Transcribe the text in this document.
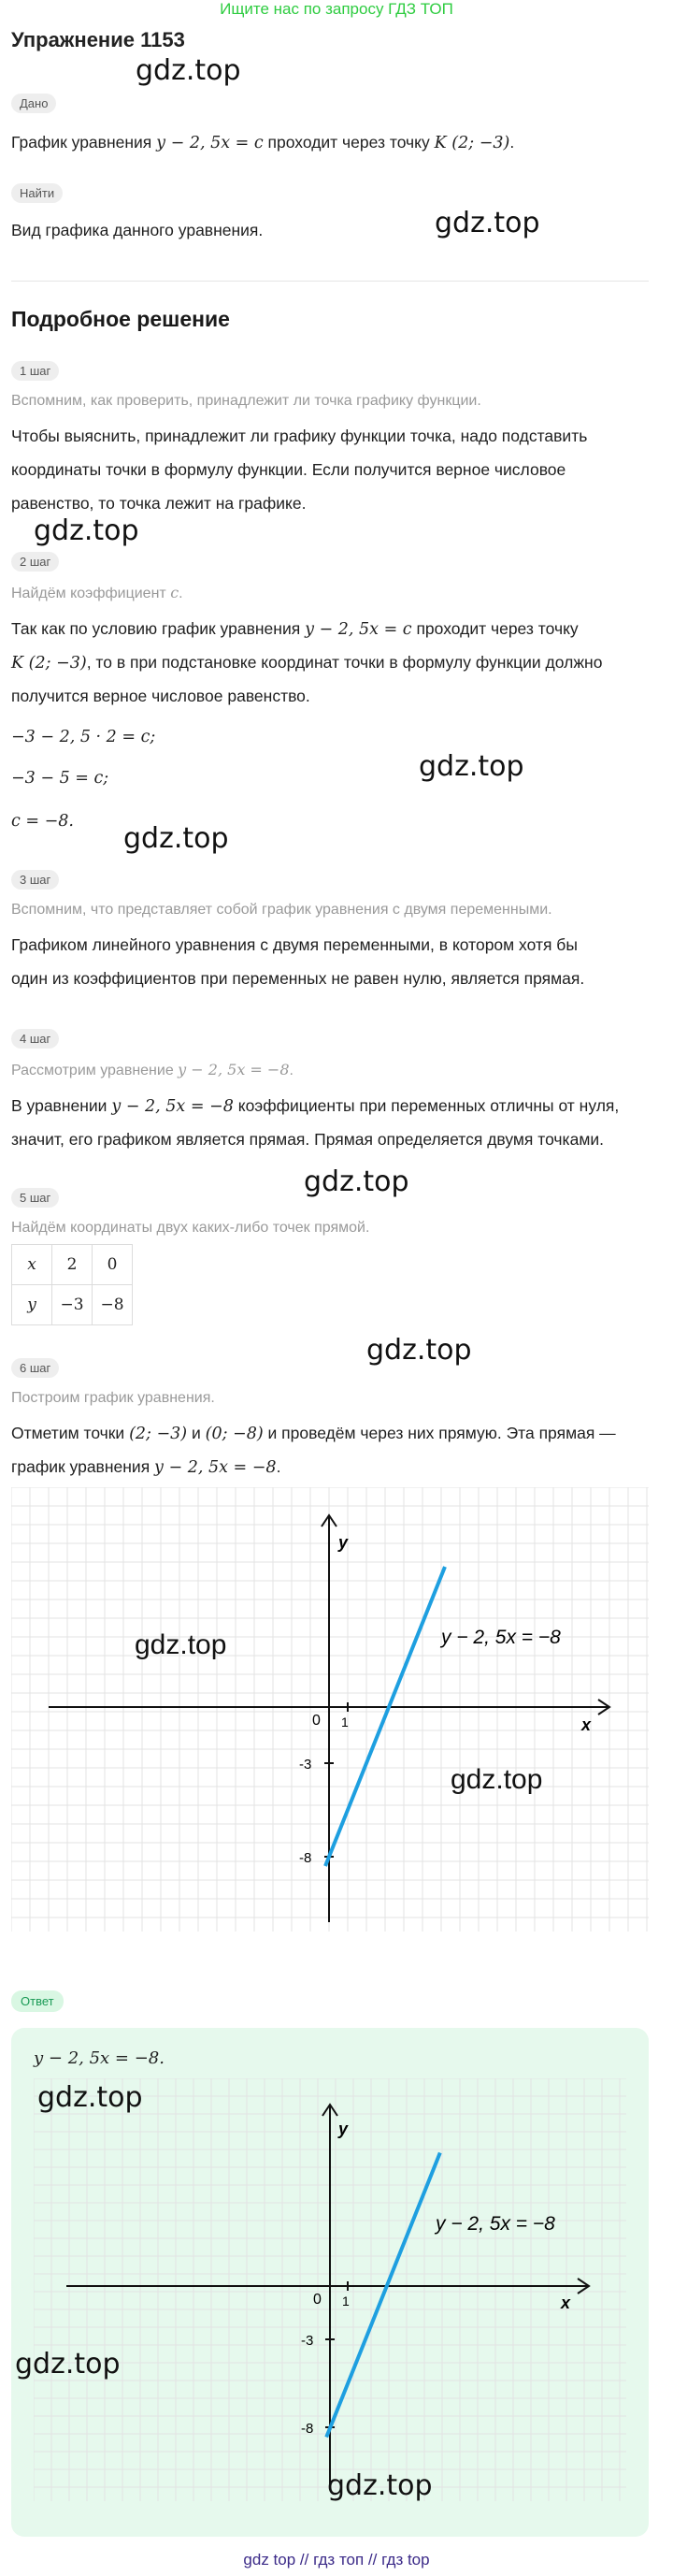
Ищите нас по запросу ГДЗ ТОП
Упражнение 1153
gdz.top
gdz.top
gdz.top
gdz.top
gdz.top
gdz.top
gdz.top
Дано
График уравнения y − 2, 5x = c проходит через точку K (2; −3).
Найти
Вид графика данного уравнения.
Подробное решение
1 шаг
Вспомним, как проверить, принадлежит ли точка графику функции.
Чтобы выяснить, принадлежит ли графику функции точка, надо подставить
координаты точки в формулу функции. Если получится верное числовое
равенство, то точка лежит на графике.
2 шаг
Найдём коэффициент c.
Так как по условию график уравнения y − 2, 5x = c проходит через точку
K (2; −3), то в при подстановке координат точки в формулу функции должно
получится верное числовое равенство.
−3 − 2, 5 · 2 = c;
−3 − 5 = c;
c = −8.
3 шаг
Вспомним, что представляет собой график уравнения с двумя переменными.
Графиком линейного уравнения с двумя переменными, в котором хотя бы
один из коэффициентов при переменных не равен нулю, является прямая.
4 шаг
Рассмотрим уравнение y − 2, 5x = −8.
В уравнении y − 2, 5x = −8 коэффициенты при переменных отличны от нуля,
значит, его графиком является прямая. Прямая определяется двумя точками.
5 шаг
Найдём координаты двух каких-либо точек прямой.
x	2	0
y	−3	−8
6 шаг
Построим график уравнения.
Отметим точки (2; −3) и (0; −8) и проведём через них прямую. Эта прямая —
график уравнения y − 2, 5x = −8.
y
x
0 1
-3
-8
y − 2, 5x = −8
gdz.top
gdz.top
Ответ
y − 2, 5x = −8.
y
x
0 1
-3
-8
y − 2, 5x = −8
gdz.top
gdz.top
gdz.top
gdz top // гдз топ // гдз top
